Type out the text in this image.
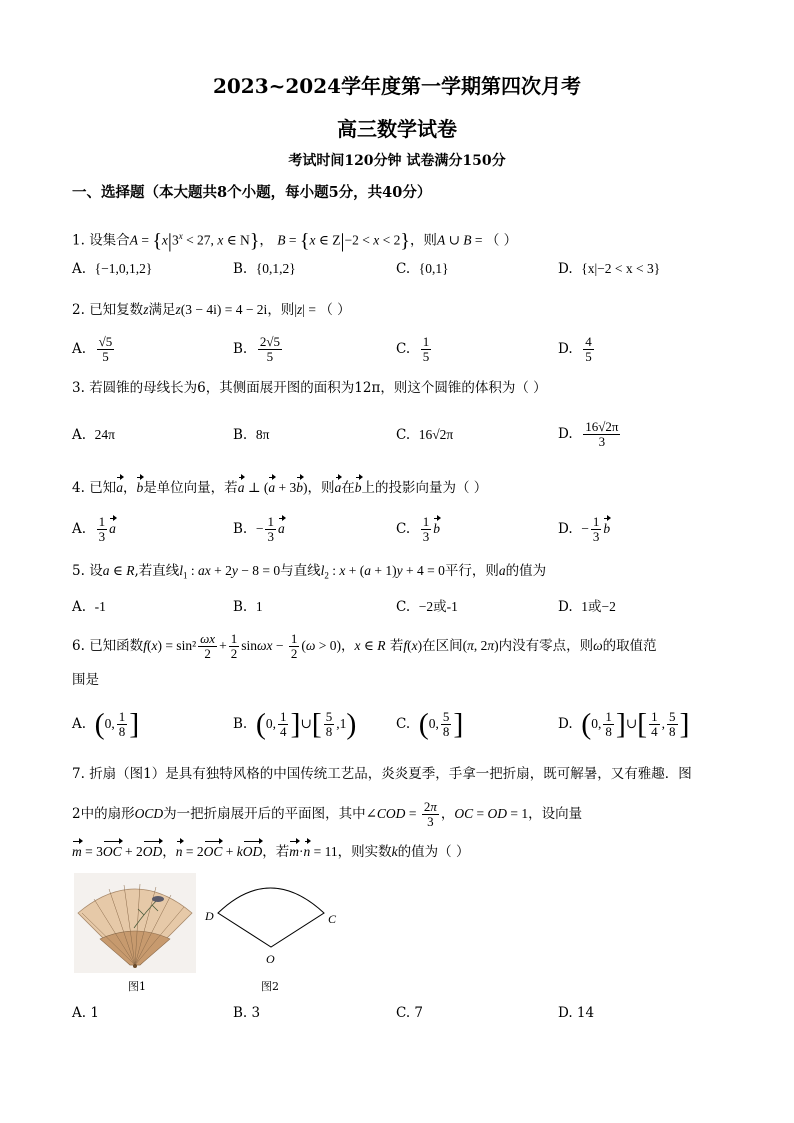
2023~2024学年度第一学期第四次月考
高三数学试卷
考试时间120分钟 试卷满分150分
一、选择题（本大题共8个小题，每小题5分，共40分）
1. 设集合$A = \{x|3^x < 27$, x ∈ N}， B = {x ∈ Z|−2 < x < 2}，则A ∪ B = （ ）
A. {−1,0,1,2}	B. {0,1,2}	C. {0,1}	D. {x|−2 < x < 3}
2. 已知复数z满足z(3 − 4i) = 4 − 2i，则|z| = （ ）
A. $\frac{√5}{5}$	B. $\frac{2√5}{5}$	C. $\frac{1}{5}$	D. $\frac{4}{5}$
3. 若圆锥的母线长为6，其侧面展开图的面积为12π，则这个圆锥的体积为（ ）
A. 24π	B. 8π	C. 16√2π	D. $\frac{16√2\pi}{3}$
4. 已知a，b是单位向量，若a ⊥ (a + 3b)，则a在b上的投影向量为（ ）
A. $\frac{1}{3}$ a	B. − $\frac{1}{3}$ a	C. $\frac{1}{3}$ b	D. − $\frac{1}{3}$ b
5. 设a ∈ R,若直线$l_1$ : ax + 2y − 8 = 0与直线$l_2$ : x + (a + 1)y + 4 = 0平行，则a的值为
A. -1	B. 1	C. −2或-1	D. 1或−2
6. 已知函数$f(x) = \sin^2 \frac{\omega x}{2} + \frac{1}{2}$ $\sin\omega x - \frac{1}{2} (\omega > 0)$，x ∈ R 若f(x)在区间(π, 2π)内没有零点，则ω的取值范
围是
A. (0, $\frac{1}{8}$ ]	B. (0, $\frac{1}{4}$ ]∪[ $\frac{5}{8} ,1$)	C. (0, $\frac{5}{8}$ ]	D. (0, $\frac{1}{8}$ ]∪[ $\frac{1}{4}$ , $\frac{5}{8}$ ]
7. 折扇（图1）是具有独特风格的中国传统工艺品，炎炎夏季，手拿一把折扇，既可解暑，又有雅趣．图
2中的扇形OCD为一把折扇展开后的平面图，其中∠COD = $\frac{2\pi}{3}$ ，OC = OD = 1，设向量
m = 3OC + 2OD，n = 2OC + kOD，若m·n = 11，则实数k的值为（ ）
图1
D	C
O
图2
A. 1	B. 3	C. 7	D. 14
